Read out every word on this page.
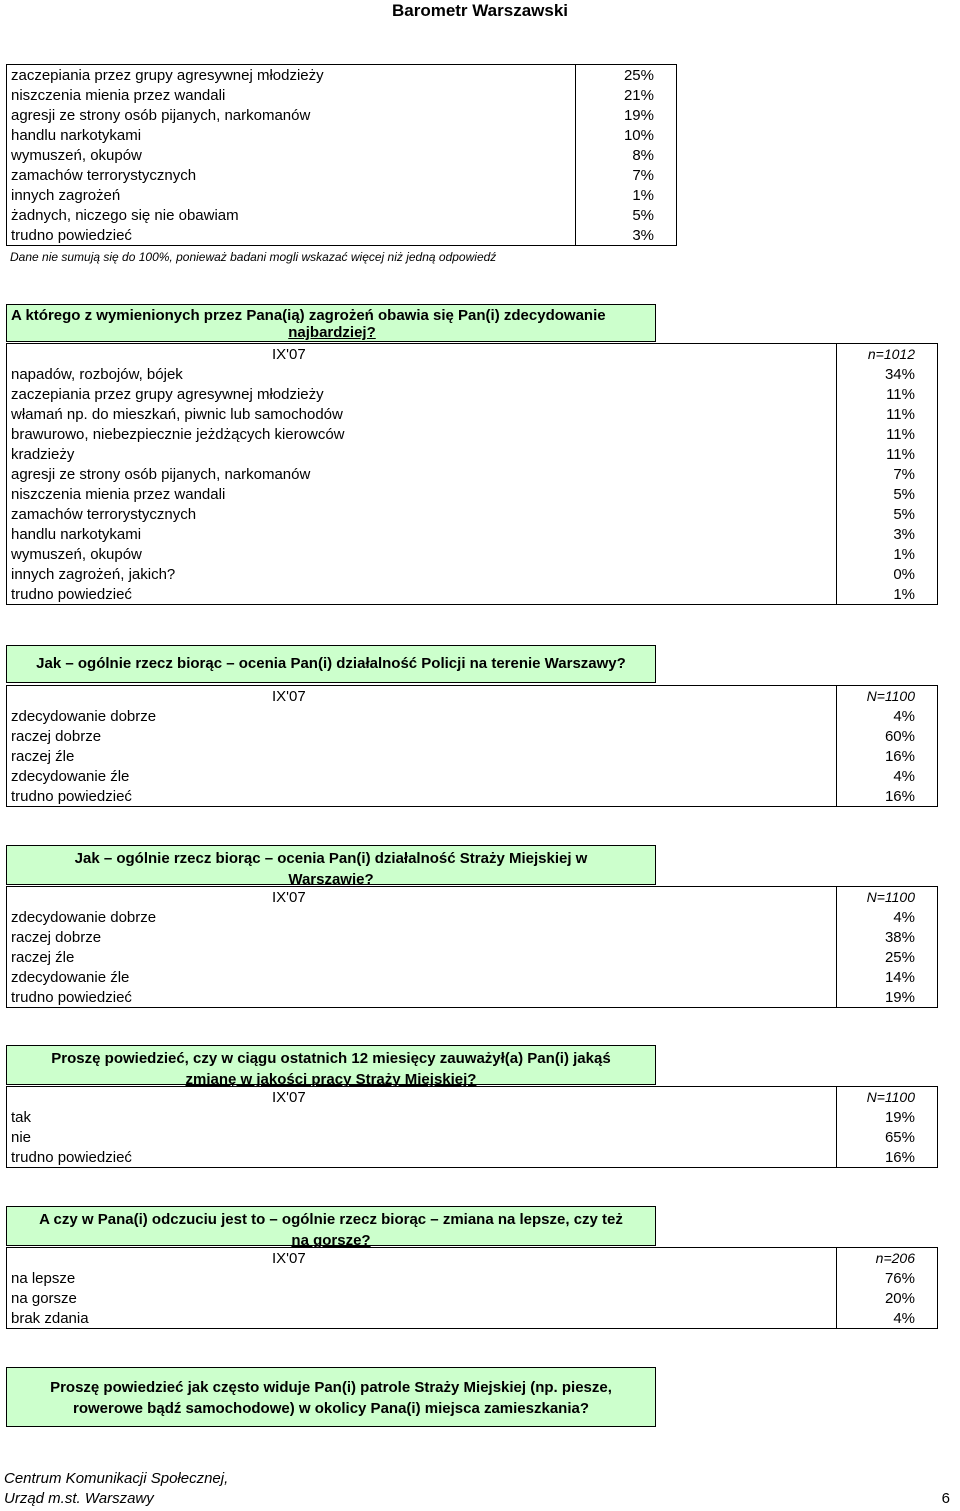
Barometr Warszawski
zaczepiania przez grupy agresywnej młodzieży	25%
niszczenia mienia przez wandali	21%
agresji ze strony osób pijanych, narkomanów	19%
handlu narkotykami	10%
wymuszeń, okupów	8%
zamachów terrorystycznych	7%
innych zagrożeń	1%
żadnych, niczego się nie obawiam	5%
trudno powiedzieć	3%
Dane nie sumują się do 100%, ponieważ badani mogli wskazać więcej niż jedną odpowiedź
A którego z wymienionych przez Pana(ią) zagrożeń obawia się Pan(i) zdecydowanie
najbardziej?
IX'07	n=1012
napadów, rozbojów, bójek	34%
zaczepiania przez grupy agresywnej młodzieży	11%
włamań np. do mieszkań, piwnic lub samochodów	11%
brawurowo, niebezpiecznie jeżdżących kierowców	11%
kradzieży	11%
agresji ze strony osób pijanych, narkomanów	7%
niszczenia mienia przez wandali	5%
zamachów terrorystycznych	5%
handlu narkotykami	3%
wymuszeń, okupów	1%
innych zagrożeń, jakich?	0%
trudno powiedzieć	1%
Jak – ogólnie rzecz biorąc – ocenia Pan(i) działalność Policji na terenie Warszawy?
IX'07	N=1100
zdecydowanie dobrze	4%
raczej dobrze	60%
raczej źle	16%
zdecydowanie źle	4%
trudno powiedzieć	16%
Jak – ogólnie rzecz biorąc – ocenia Pan(i) działalność Straży Miejskiej w
Warszawie?
IX'07	N=1100
zdecydowanie dobrze	4%
raczej dobrze	38%
raczej źle	25%
zdecydowanie źle	14%
trudno powiedzieć	19%
Proszę powiedzieć, czy w ciągu ostatnich 12 miesięcy zauważył(a) Pan(i) jakąś
zmianę w jakości pracy Straży Miejskiej?
IX'07	N=1100
tak	19%
nie	65%
trudno powiedzieć	16%
A czy w Pana(i) odczuciu jest to – ogólnie rzecz biorąc – zmiana na lepsze, czy też
na gorsze?
IX'07	n=206
na lepsze	76%
na gorsze	20%
brak zdania	4%
Proszę powiedzieć jak często widuje Pan(i) patrole Straży Miejskiej (np. piesze,
rowerowe bądź samochodowe) w okolicy Pana(i) miejsca zamieszkania?
Centrum Komunikacji Społecznej,
Urząd m.st. Warszawy	6
